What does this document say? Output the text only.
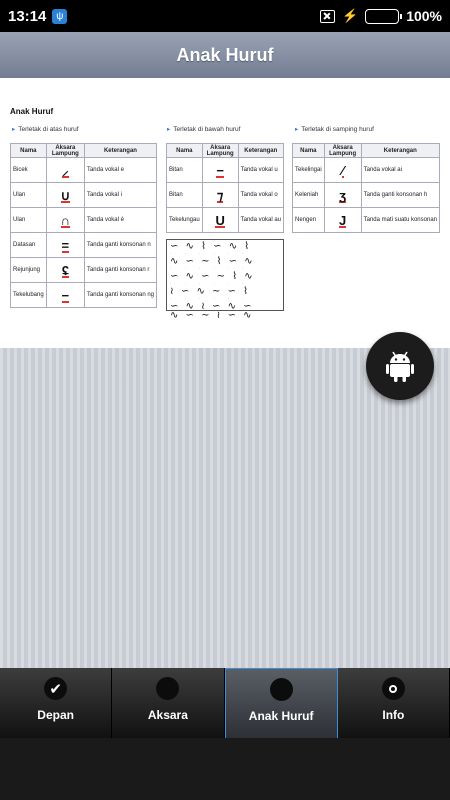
13:14 ψ	⚡	100%
Anak Huruf
Anak Huruf
▸ Terletak di atas huruf
Nama	Aksara Lampung	Keterangan
Bicek	⸝	Tanda vokal e
Ulan	∪	Tanda vokal i
Ulan	∩	Tanda vokal é
Datasan	=	Tanda ganti konsonan n
Rejunjung	ʢ	Tanda ganti konsonan r
Tekelubang	−	Tanda ganti konsonan ng
▸ Terletak di bawah huruf
Nama	Aksara Lampung	Keterangan
Bitan	−	Tanda vokal u
Bitan	⁊	Tanda vokal o
Tekelungau	U	Tanda vokal au
∽ ∿ ⌇ ∽ ∿ ⌇
· · · · · ·
∿ ∽ ∼ ⌇ ∽ ∿
· · · · · ·
∽ ∿ ∽ ∼ ⌇ ∿
· · · · · ·
≀ ∽ ∿ ∼ ∽ ⌇
· · · · · ·
∽ ∿ ≀ ∽ ∿ ∽
∿ ∽ ∼ ≀ ∽ ∿
▸ Terletak di samping huruf
Nama	Aksara Lampung	Keterangan
Tekelingai	⁄	Tanda vokal ai
Keleniah	ʒ	Tanda ganti konsonan h
Nengen	J	Tanda mati suatu konsonan
✔
Depan	Aksara	Anak Huruf	Info
